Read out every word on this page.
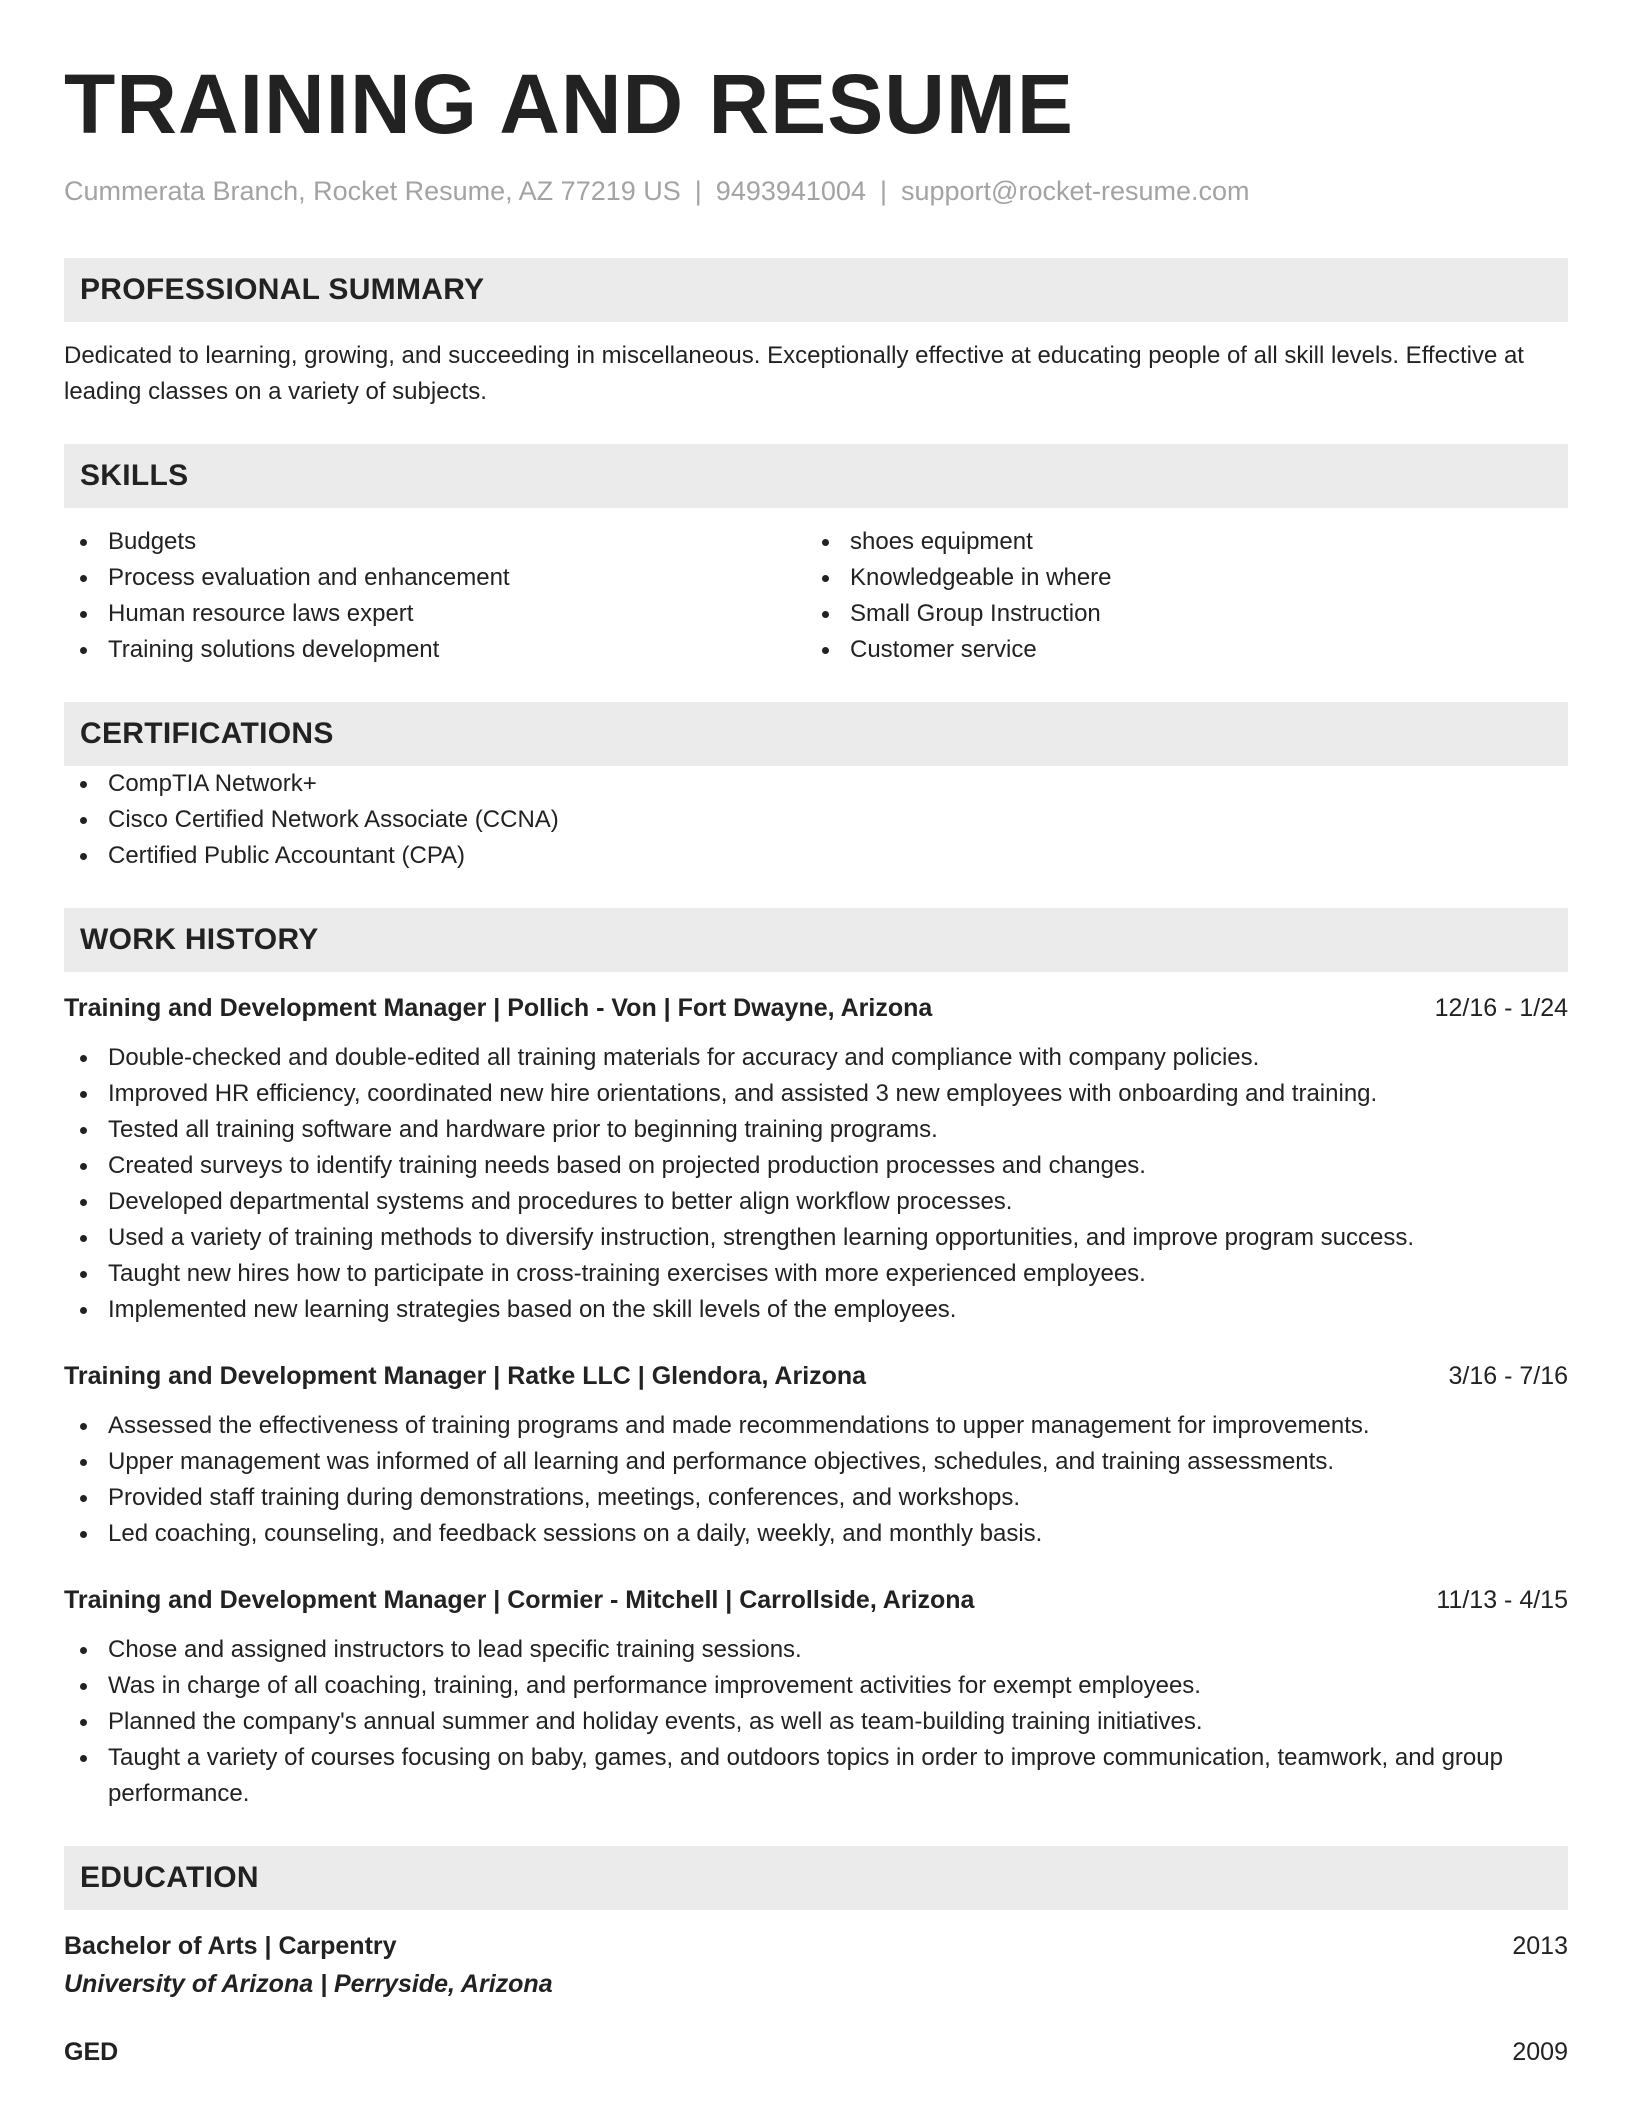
TRAINING AND RESUME
Cummerata Branch, Rocket Resume, AZ 77219 US | 9493941004 | support@rocket-resume.com
PROFESSIONAL SUMMARY
Dedicated to learning, growing, and succeeding in miscellaneous. Exceptionally effective at educating people of all skill levels. Effective at leading classes on a variety of subjects.
SKILLS
Budgets
Process evaluation and enhancement
Human resource laws expert
Training solutions development
shoes equipment
Knowledgeable in where
Small Group Instruction
Customer service
CERTIFICATIONS
CompTIA Network+
Cisco Certified Network Associate (CCNA)
Certified Public Accountant (CPA)
WORK HISTORY
Training and Development Manager | Pollich - Von | Fort Dwayne, Arizona	12/16 - 1/24
Double-checked and double-edited all training materials for accuracy and compliance with company policies.
Improved HR efficiency, coordinated new hire orientations, and assisted 3 new employees with onboarding and training.
Tested all training software and hardware prior to beginning training programs.
Created surveys to identify training needs based on projected production processes and changes.
Developed departmental systems and procedures to better align workflow processes.
Used a variety of training methods to diversify instruction, strengthen learning opportunities, and improve program success.
Taught new hires how to participate in cross-training exercises with more experienced employees.
Implemented new learning strategies based on the skill levels of the employees.
Training and Development Manager | Ratke LLC | Glendora, Arizona	3/16 - 7/16
Assessed the effectiveness of training programs and made recommendations to upper management for improvements.
Upper management was informed of all learning and performance objectives, schedules, and training assessments.
Provided staff training during demonstrations, meetings, conferences, and workshops.
Led coaching, counseling, and feedback sessions on a daily, weekly, and monthly basis.
Training and Development Manager | Cormier - Mitchell | Carrollside, Arizona	11/13 - 4/15
Chose and assigned instructors to lead specific training sessions.
Was in charge of all coaching, training, and performance improvement activities for exempt employees.
Planned the company's annual summer and holiday events, as well as team-building training initiatives.
Taught a variety of courses focusing on baby, games, and outdoors topics in order to improve communication, teamwork, and group performance.
EDUCATION
Bachelor of Arts | Carpentry	2013
University of Arizona | Perryside, Arizona
GED	2009
